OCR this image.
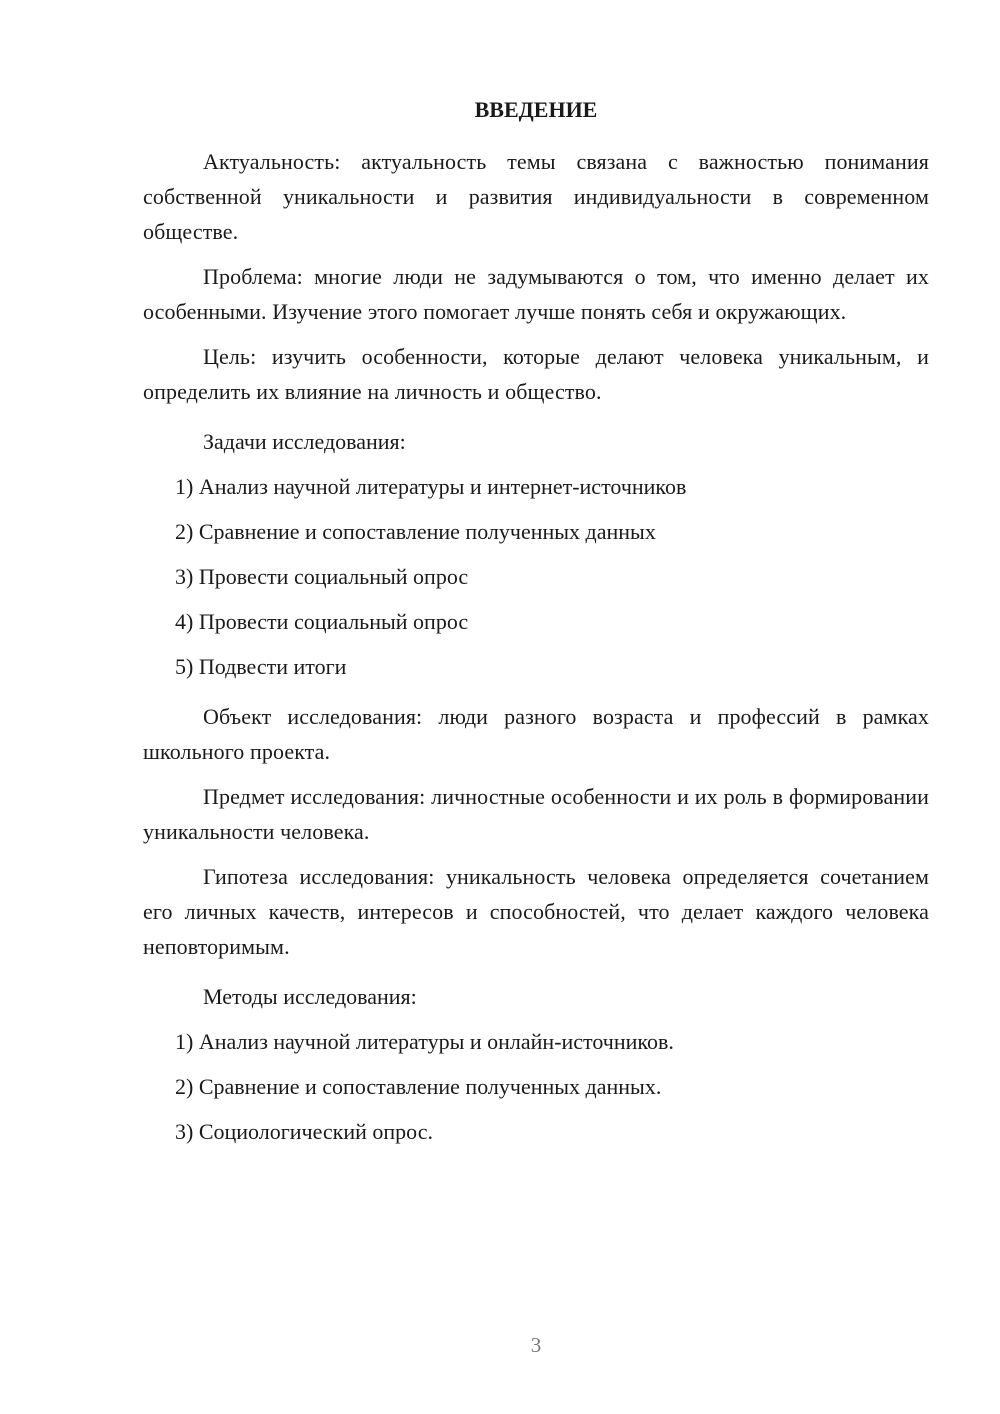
ВВЕДЕНИЕ

Актуальность: актуальность темы связана с важностью понимания собственной уникальности и развития индивидуальности в современном обществе.

Проблема: многие люди не задумываются о том, что именно делает их особенными. Изучение этого помогает лучше понять себя и окружающих.

Цель: изучить особенности, которые делают человека уникальным, и определить их влияние на личность и общество.

Задачи исследования:

1) Анализ научной литературы и интернет-источников

2) Сравнение и сопоставление полученных данных

3) Провести социальный опрос

4) Провести социальный опрос

5) Подвести итоги

Объект исследования: люди разного возраста и профессий в рамках школьного проекта.

Предмет исследования: личностные особенности и их роль в формировании уникальности человека.

Гипотеза исследования: уникальность человека определяется сочетанием его личных качеств, интересов и способностей, что делает каждого человека неповторимым.

Методы исследования:

1) Анализ научной литературы и онлайн-источников.

2) Сравнение и сопоставление полученных данных.

3) Социологический опрос.

3
